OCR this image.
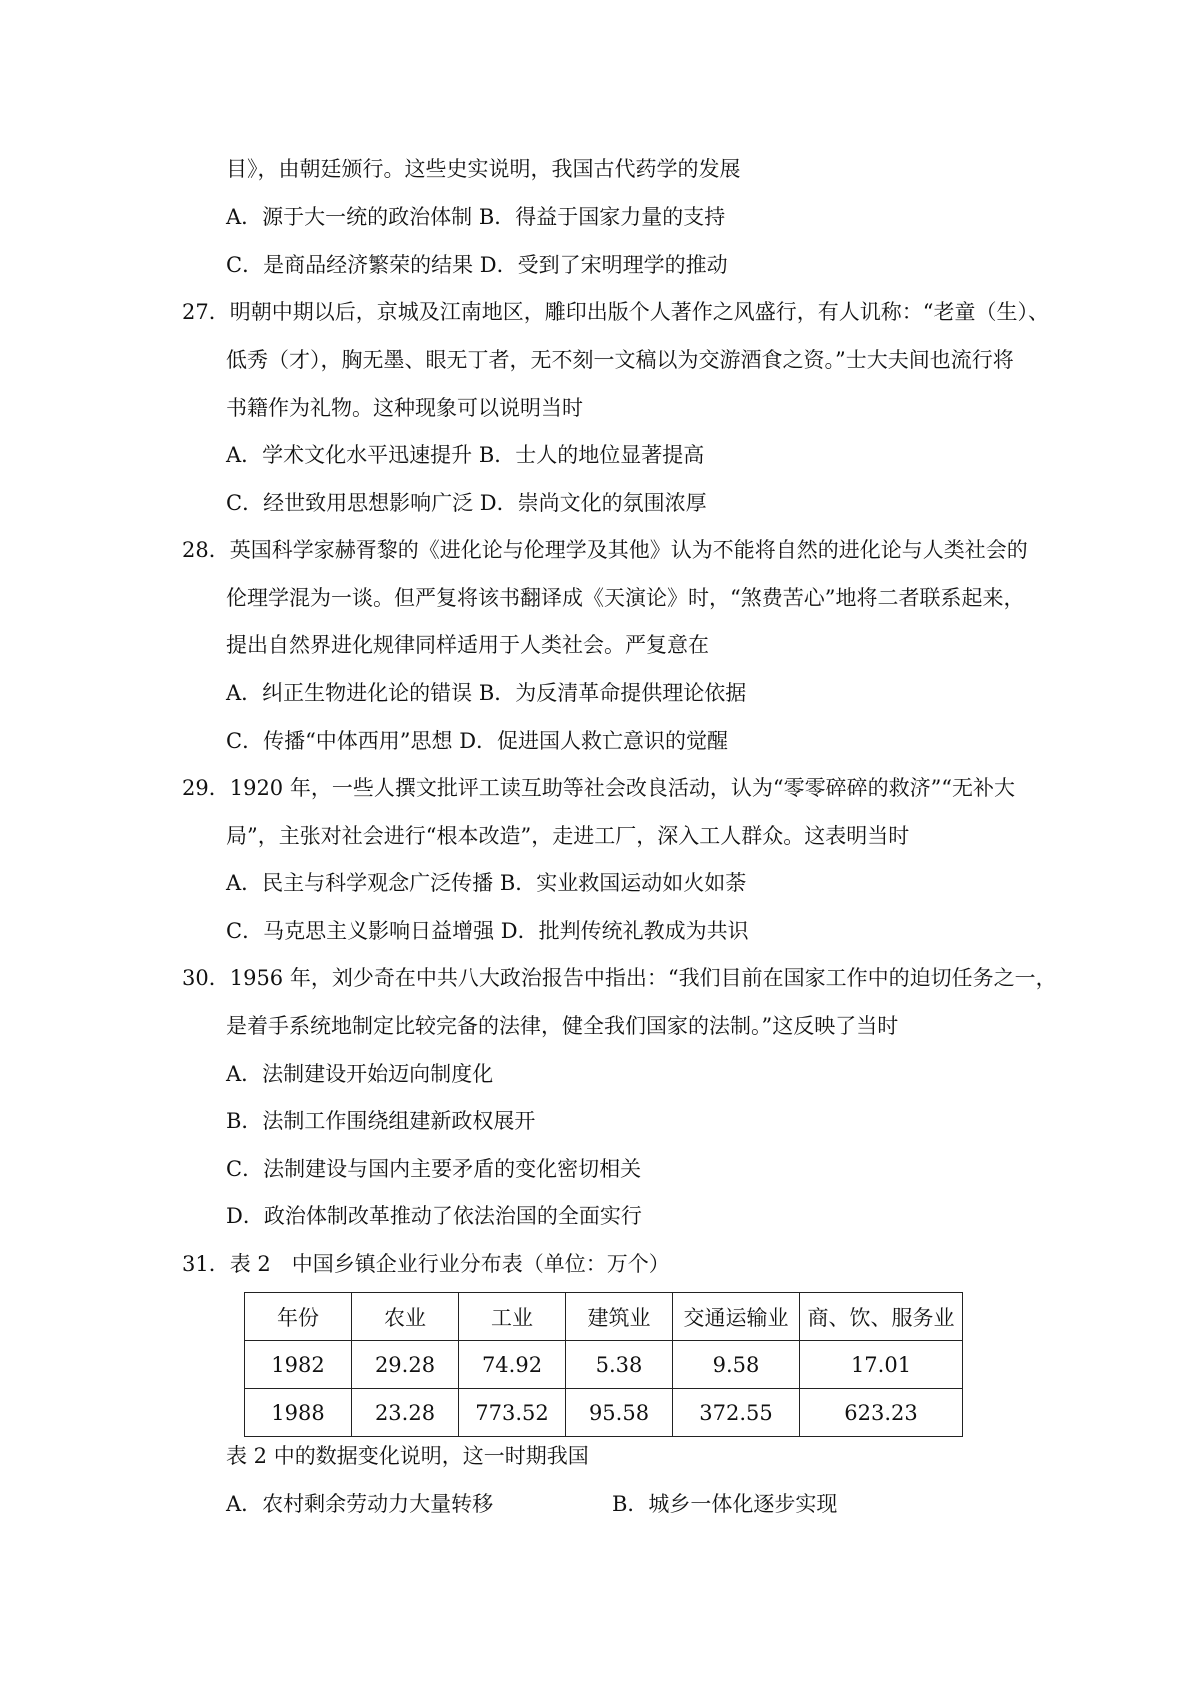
目》，由朝廷颁行。这些史实说明，我国古代药学的发展
A．源于大一统的政治体制 B．得益于国家力量的支持
C．是商品经济繁荣的结果 D．受到了宋明理学的推动
27．明朝中期以后，京城及江南地区，雕印出版个人著作之风盛行，有人讥称：“老童（生）、
低秀（才），胸无墨、眼无丁者，无不刻一文稿以为交游酒食之资。”士大夫间也流行将
书籍作为礼物。这种现象可以说明当时
A．学术文化水平迅速提升 B．士人的地位显著提高
C．经世致用思想影响广泛 D．崇尚文化的氛围浓厚
28．英国科学家赫胥黎的《进化论与伦理学及其他》认为不能将自然的进化论与人类社会的
伦理学混为一谈。但严复将该书翻译成《天演论》时，“煞费苦心”地将二者联系起来，
提出自然界进化规律同样适用于人类社会。严复意在
A．纠正生物进化论的错误 B．为反清革命提供理论依据
C．传播“中体西用”思想 D．促进国人救亡意识的觉醒
29．1920 年，一些人撰文批评工读互助等社会改良活动，认为“零零碎碎的救济”“无补大
局”，主张对社会进行“根本改造”，走进工厂，深入工人群众。这表明当时
A．民主与科学观念广泛传播 B．实业救国运动如火如荼
C．马克思主义影响日益增强 D．批判传统礼教成为共识
30．1956 年，刘少奇在中共八大政治报告中指出：“我们目前在国家工作中的迫切任务之一，
是着手系统地制定比较完备的法律，健全我们国家的法制。”这反映了当时
A．法制建设开始迈向制度化
B．法制工作围绕组建新政权展开
C．法制建设与国内主要矛盾的变化密切相关
D．政治体制改革推动了依法治国的全面实行
31．表 2　中国乡镇企业行业分布表（单位：万个）
年份	农业	工业	建筑业	交通运输业	商、饮、服务业
1982	29.28	74.92	5.38	9.58	17.01
1988	23.28	773.52	95.58	372.55	623.23
表 2 中的数据变化说明，这一时期我国
A．农村剩余劳动力大量转移	B．城乡一体化逐步实现
